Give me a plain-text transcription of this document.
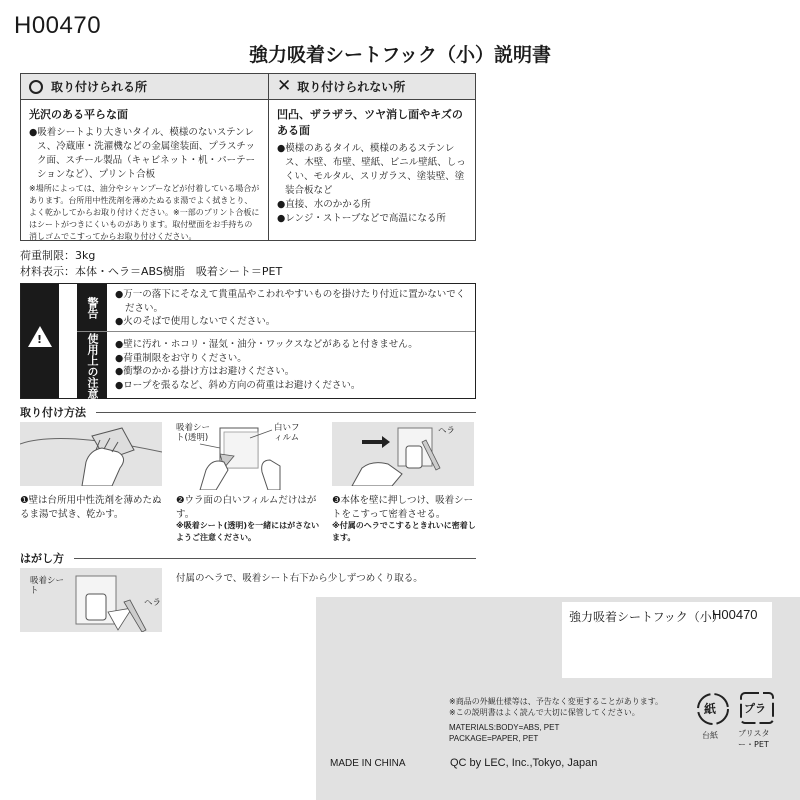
H00470
強力吸着シートフック（小）説明書
取り付けられる所
光沢のある平らな面
●吸着シートより大きいタイル、模様のないステンレス、冷蔵庫・洗濯機などの金属塗装面、プラスチック面、スチール製品（キャビネット・机・パーテーションなど）、プリント合板
※場所によっては、油分やシャンプーなどが付着している場合があります。台所用中性洗剤を薄めたぬるま湯でよく拭きとり、よく乾かしてからお取り付けください。※一部のプリント合板にはシートがつきにくいものがあります。取付壁面をお手持ちの消しゴムでこすってからお取り付けください。
✕ 取り付けられない所
凹凸、ザラザラ、ツヤ消し面やキズのある面
●模様のあるタイル、模様のあるステンレス、木壁、布壁、壁紙、ビニル壁紙、しっくい、モルタル、スリガラス、塗装壁、塗装合板など
●直接、水のかかる所
●レンジ・ストーブなどで高温になる所
荷重制限：3kg
材料表示：本体・ヘラ＝ABS樹脂　吸着シート＝PET
!
警告
使用上の注意
●万一の落下にそなえて貴重品やこわれやすいものを掛けたり付近に置かないでください。
●火のそばで使用しないでください。
●壁に汚れ・ホコリ・湿気・油分・ワックスなどがあると付きません。
●荷重制限をお守りください。
●衝撃のかかる掛け方はお避けください。
●ロープを張るなど、斜め方向の荷重はお避けください。
取り付け方法
❶壁は台所用中性洗剤を薄めたぬるま湯で拭き、乾かす。
吸着シート(透明)
白いフィルム
❷ウラ面の白いフィルムだけはがす。
※吸着シート(透明)を一緒にはがさないようご注意ください。
ヘラ
❸本体を壁に押しつけ、吸着シートをこすって密着させる。
※付属のヘラでこするときれいに密着します。
はがし方
吸着シート
ヘラ
付属のヘラで、吸着シート右下から少しずつめくり取る。
強力吸着シートフック（小）
H00470
※商品の外観仕様等は、予告なく変更することがあります。
※この説明書はよく読んで大切に保管してください。
MATERIALS:BODY=ABS, PET
PACKAGE=PAPER, PET
紙
台紙
プラ
ブリスター・PET
MADE IN CHINA	QC by LEC, Inc.,Tokyo, Japan
